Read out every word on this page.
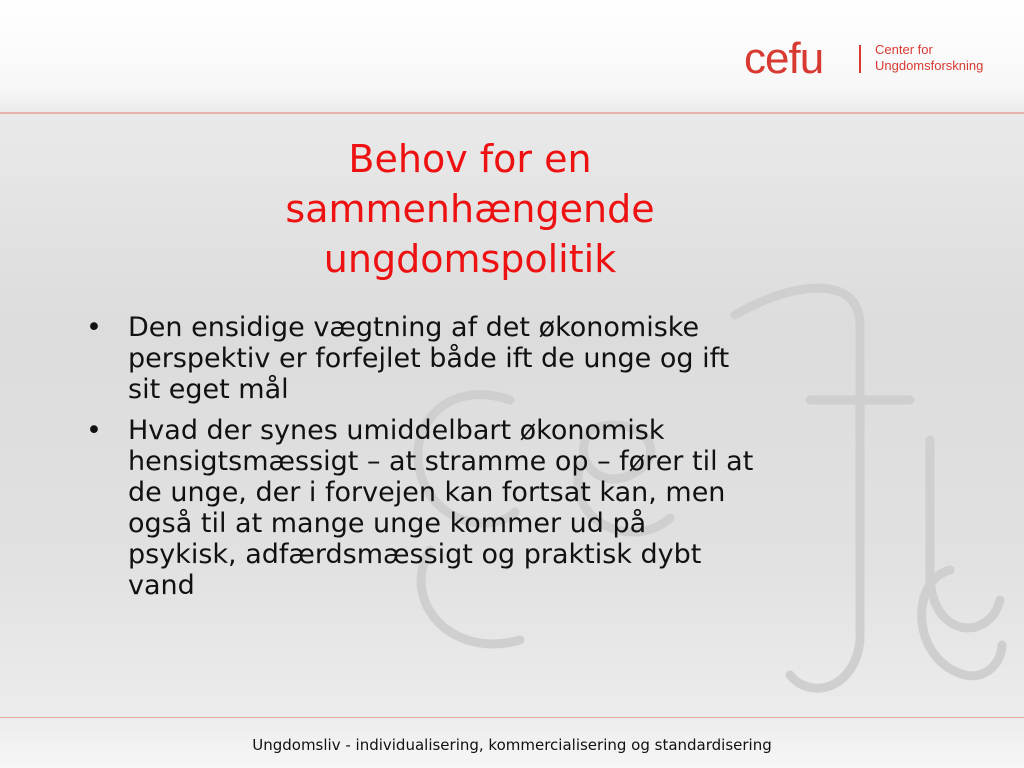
cefu	Center for
Ungdomsforskning
Behov for en
sammenhængende
ungdomspolitik
• Den ensidige vægtning af det økonomiske
perspektiv er forfejlet både ift de unge og ift
sit eget mål
• Hvad der synes umiddelbart økonomisk
hensigtsmæssigt – at stramme op – fører til at
de unge, der i forvejen kan fortsat kan, men
også til at mange unge kommer ud på
psykisk, adfærdsmæssigt og praktisk dybt
vand
Ungdomsliv - individualisering, kommercialisering og standardisering
